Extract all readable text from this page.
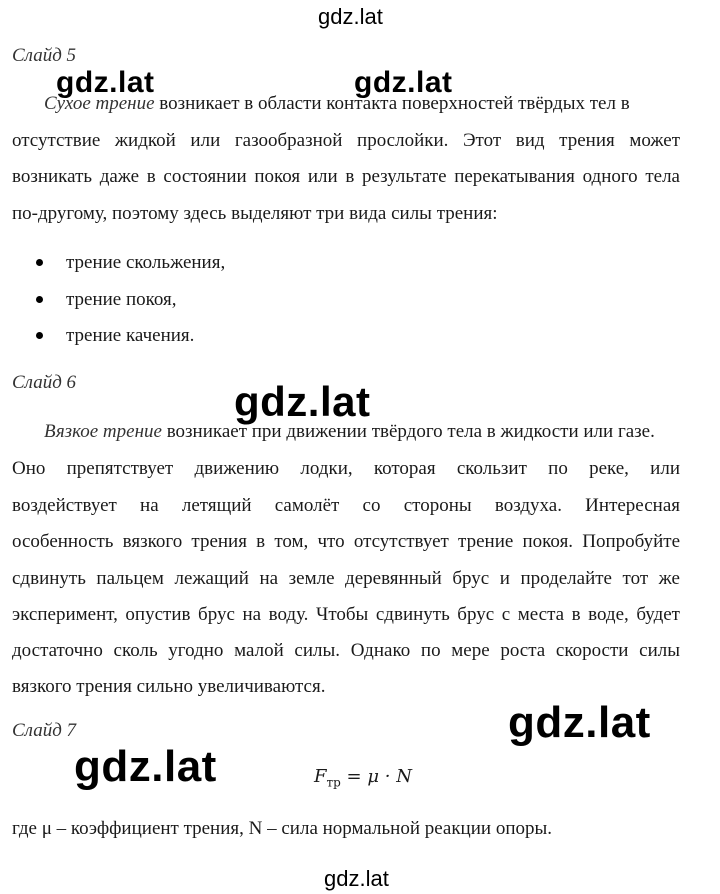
gdz.lat
Слайд 5
gdz.lat	gdz.lat
Сухое трение возникает в области контакта поверхностей твёрдых тел в
отсутствие жидкой или газообразной прослойки. Этот вид трения может
возникать даже в состоянии покоя или в результате перекатывания одного тела
по-другому, поэтому здесь выделяют три вида силы трения:
трение скольжения,
трение покоя,
трение качения.
Слайд 6	gdz.lat
Вязкое трение возникает при движении твёрдого тела в жидкости или газе.
Оно препятствует движению лодки, которая скользит по реке, или
воздействует на летящий самолёт со стороны воздуха. Интересная
особенность вязкого трения в том, что отсутствует трение покоя. Попробуйте
сдвинуть пальцем лежащий на земле деревянный брус и проделайте тот же
эксперимент, опустив брус на воду. Чтобы сдвинуть брус с места в воде, будет
достаточно сколь угодно малой силы. Однако по мере роста скорости силы
вязкого трения сильно увеличиваются.
Слайд 7	gdz.lat
gdz.lat	$F_{тр} = \mu \cdot N$
где μ – коэффициент трения, N – сила нормальной реакции опоры.
gdz.lat
